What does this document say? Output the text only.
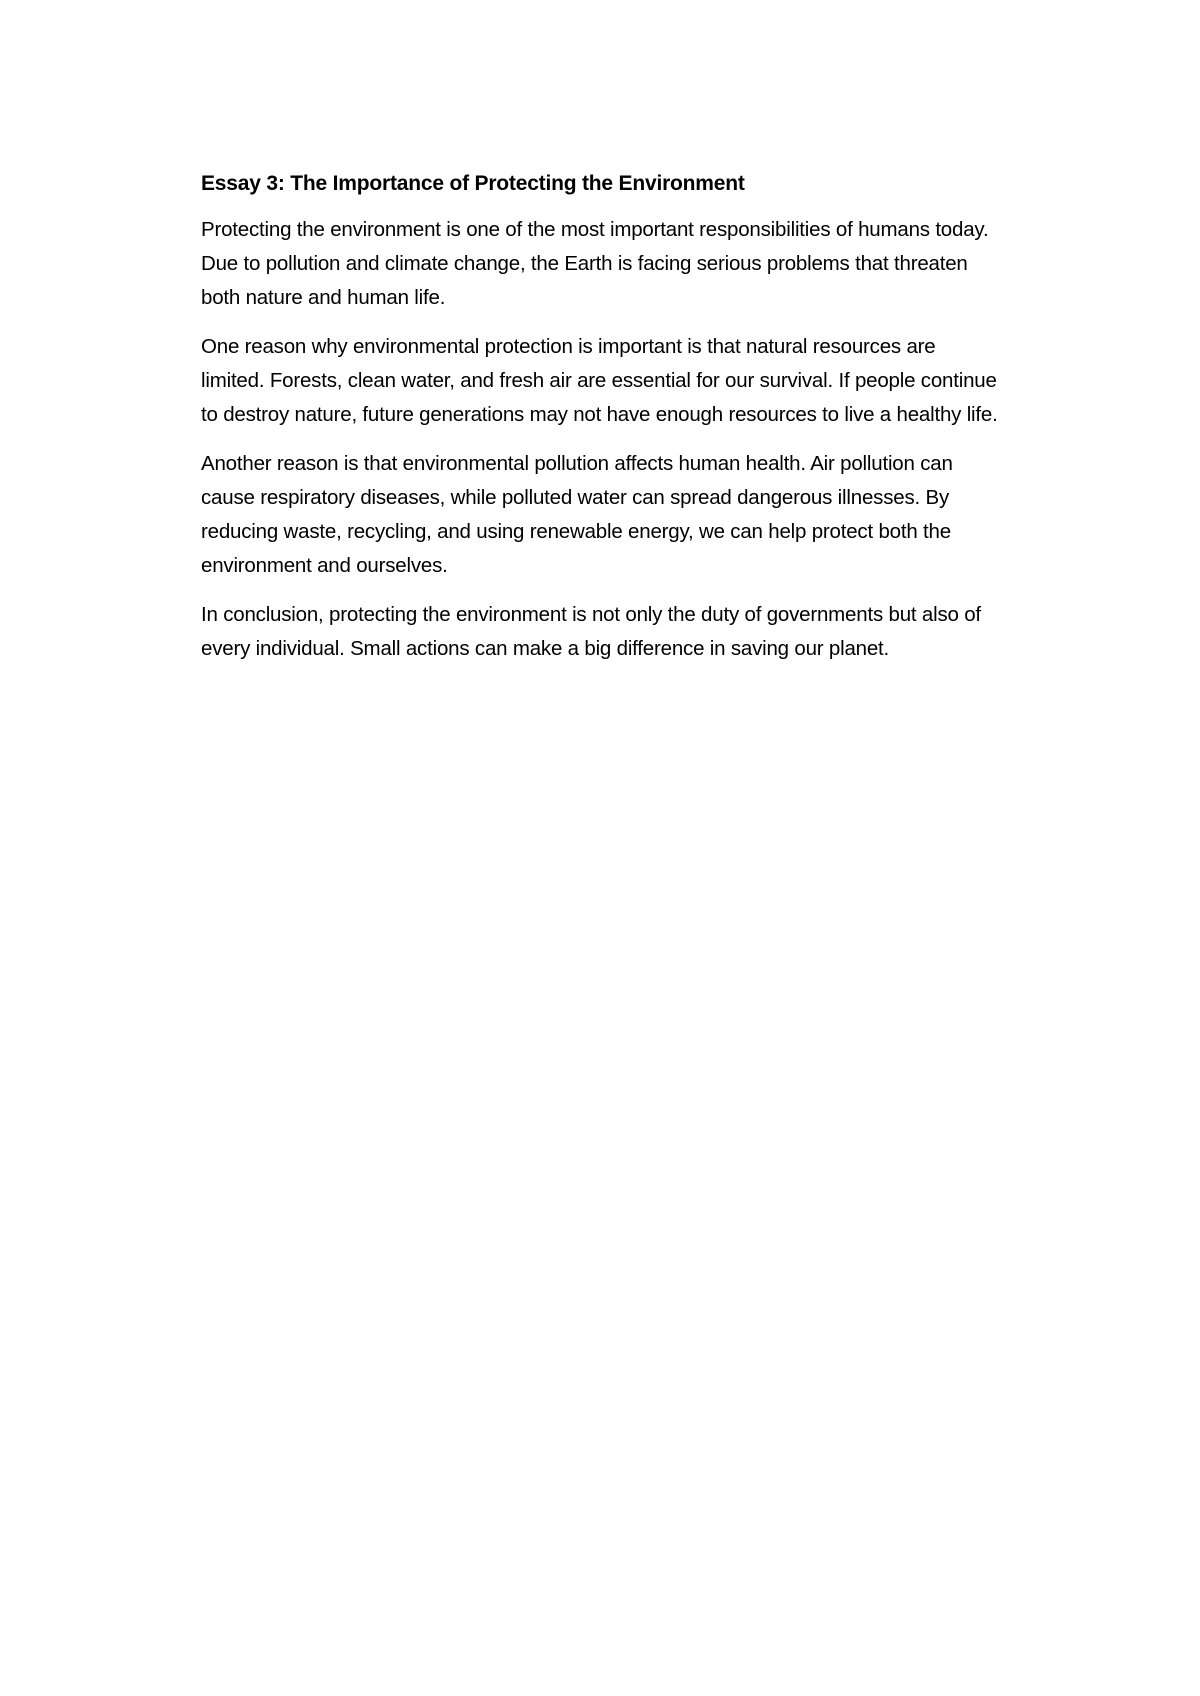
Essay 3: The Importance of Protecting the Environment
Protecting the environment is one of the most important responsibilities of humans today.
Due to pollution and climate change, the Earth is facing serious problems that threaten
both nature and human life.
One reason why environmental protection is important is that natural resources are
limited. Forests, clean water, and fresh air are essential for our survival. If people continue
to destroy nature, future generations may not have enough resources to live a healthy life.
Another reason is that environmental pollution affects human health. Air pollution can
cause respiratory diseases, while polluted water can spread dangerous illnesses. By
reducing waste, recycling, and using renewable energy, we can help protect both the
environment and ourselves.
In conclusion, protecting the environment is not only the duty of governments but also of
every individual. Small actions can make a big difference in saving our planet.
